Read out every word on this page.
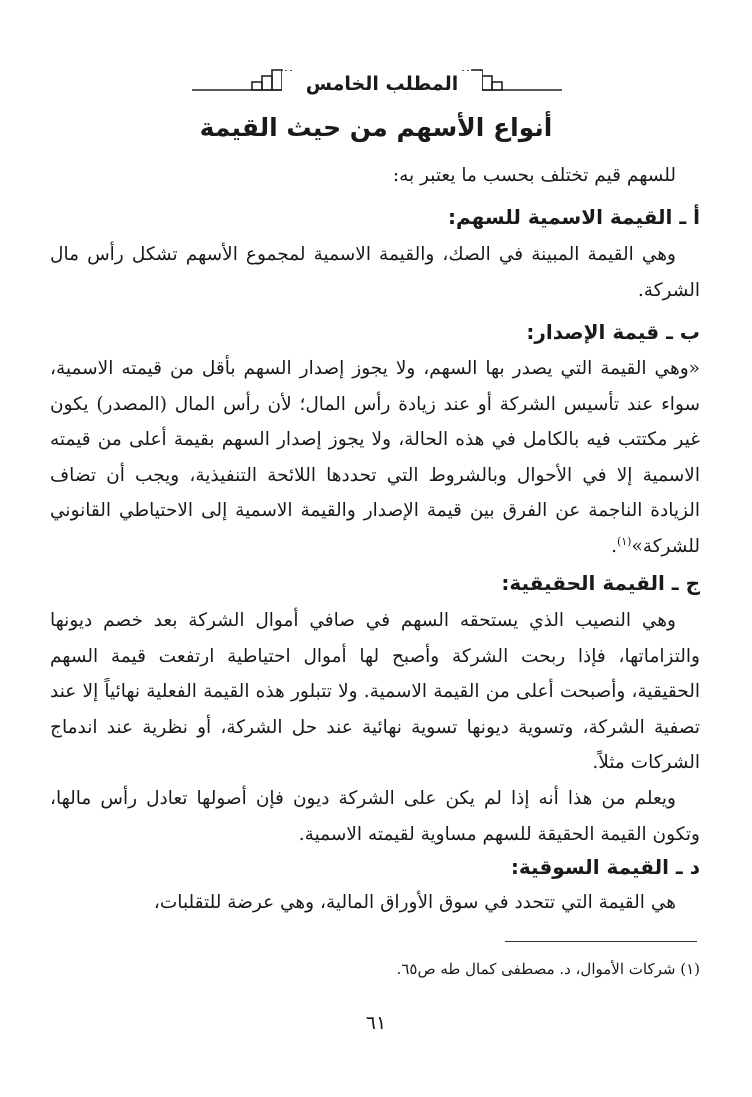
المطلب الخامس
أنواع الأسهم من حيث القيمة

للسهم قيم تختلف بحسب ما يعتبر به:

أ ـ القيمة الاسمية للسهم:

وهي القيمة المبينة في الصك، والقيمة الاسمية لمجموع الأسهم تشكل رأس مال الشركة.

ب ـ قيمة الإصدار:

«وهي القيمة التي يصدر بها السهم، ولا يجوز إصدار السهم بأقل من قيمته الاسمية، سواء عند تأسيس الشركة أو عند زيادة رأس المال؛ لأن رأس المال (المصدر) يكون غير مكتتب فيه بالكامل في هذه الحالة، ولا يجوز إصدار السهم بقيمة أعلى من قيمته الاسمية إلا في الأحوال وبالشروط التي تحددها اللائحة التنفيذية، ويجب أن تضاف الزيادة الناجمة عن الفرق بين قيمة الإصدار والقيمة الاسمية إلى الاحتياطي القانوني للشركة»$^{(١)}$.

ج ـ القيمة الحقيقية:

وهي النصيب الذي يستحقه السهم في صافي أموال الشركة بعد خصم ديونها والتزاماتها، فإذا ربحت الشركة وأصبح لها أموال احتياطية ارتفعت قيمة السهم الحقيقية، وأصبحت أعلى من القيمة الاسمية. ولا تتبلور هذه القيمة الفعلية نهائياً إلا عند تصفية الشركة، وتسوية ديونها تسوية نهائية عند حل الشركة، أو نظرية عند اندماج الشركات مثلاً.

ويعلم من هذا أنه إذا لم يكن على الشركة ديون فإن أصولها تعادل رأس مالها، وتكون القيمة الحقيقة للسهم مساوية لقيمته الاسمية.

د ـ القيمة السوقية:

هي القيمة التي تتحدد في سوق الأوراق المالية، وهي عرضة للتقلبات،

(١) شركات الأموال، د. مصطفى كمال طه ص٦٥.
٦١
